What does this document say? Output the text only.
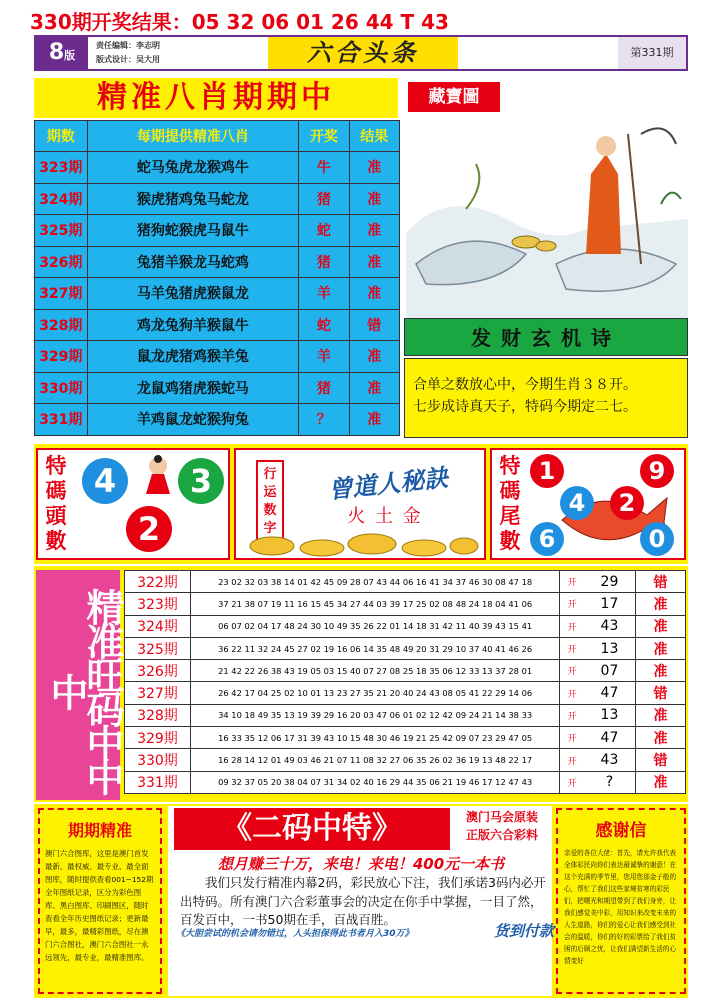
330期开奖结果：05 32 06 01 26 44 T 43
8版
责任编辑：李志明
版式设计：吴大用	六合头条	第331期
精准八肖期期中	藏寶圖
期数	每期提供精准八肖	开奖	结果
323期	蛇马兔虎龙猴鸡牛	牛	准
324期	猴虎猪鸡兔马蛇龙	猪	准
325期	猪狗蛇猴虎马鼠牛	蛇	准
326期	兔猪羊猴龙马蛇鸡	猪	准
327期	马羊兔猪虎猴鼠龙	羊	准
328期	鸡龙兔狗羊猴鼠牛	蛇	错
329期	鼠龙虎猪鸡猴羊兔	羊	准
330期	龙鼠鸡猪虎猴蛇马	猪	准
331期	羊鸡鼠龙蛇猴狗兔	？	准
发财玄机诗
合单之数放心中，今期生肖３８开。
七步成诗真天子，特码今期定二七。
特碼頭數
4	3
2
行运数字
曾道人秘訣
火 土 金
特碼尾數
1	9
4	2
6	0
精准旺码中中中
322期	23 02 32 03 38 14 01 42 45 09 28 07 43 44 06 16 41 34 37 46 30 08 47 18	开	29	错
323期	37 21 38 07 19 11 16 15 45 34 27 44 03 39 17 25 02 08 48 24 18 04 41 06	开	17	准
324期	06 07 02 04 17 48 24 30 10 49 35 26 22 01 14 18 31 42 11 40 39 43 15 41	开	43	准
325期	36 22 11 32 24 45 27 02 19 16 06 14 35 48 49 20 31 29 10 37 40 41 46 26	开	13	准
326期	21 42 22 26 38 43 19 05 03 15 40 07 27 08 25 18 35 06 12 33 13 37 28 01	开	07	准
327期	26 42 17 04 25 02 10 01 13 23 27 35 21 20 40 24 43 08 05 41 22 29 14 06	开	47	错
328期	34 10 18 49 35 13 19 39 29 16 20 03 47 06 01 02 12 42 09 24 21 14 38 33	开	13	准
329期	16 33 35 12 06 17 31 39 43 10 15 48 30 46 19 21 25 42 09 07 23 29 47 05	开	47	准
330期	16 28 14 12 01 49 03 46 21 07 11 08 32 27 06 35 26 02 36 19 13 48 22 17	开	43	错
331期	09 32 37 05 20 38 04 07 31 34 02 40 16 29 44 35 06 21 19 46 17 12 47 43	开	?	准
期期精准
澳门六合图库，这里是澳门首发最新、最权威、最专业、最全面图库，随时提供查看001~152期全年图纸记录，区分为彩色图库、黑白图库、印刷图区，随时查看全年历史图纸记录；更新最早，最多，最精彩图纸，尽在澳门六合图社，澳门六合图社一永远领先，最专业，最精准图库。
《二码中特》	澳门马会原装
正版六合彩料
想月赚三十万，来电！来电！400元一本书
我们只发行精准内幕2码，彩民放心下注，我们承诺3码内必开出特码。所有澳门六合彩董事会的决定在你手中掌握，一目了然，百发百中，一书50期在手，百战百胜。
《大胆尝试的机会请勿错过，人头担保得此书者月入30万》	货到付款
感谢信
亲爱的各位大佬：首先，请允许我代表全体彩民向你们表达最诚挚的谢意！在这个充满的季节里，您用您那金子般的心，帮忙了我们这些家境贫寒的彩民们，把曙光和期望带到了我们身旁，让我们感觉美中彩，用知识来改变未来的人生道路，你们的爱心让我们感受到社会的温暖，你们的好的彩票给了我们贫困的后顾之忧，让我们满望新生活的心情变好
